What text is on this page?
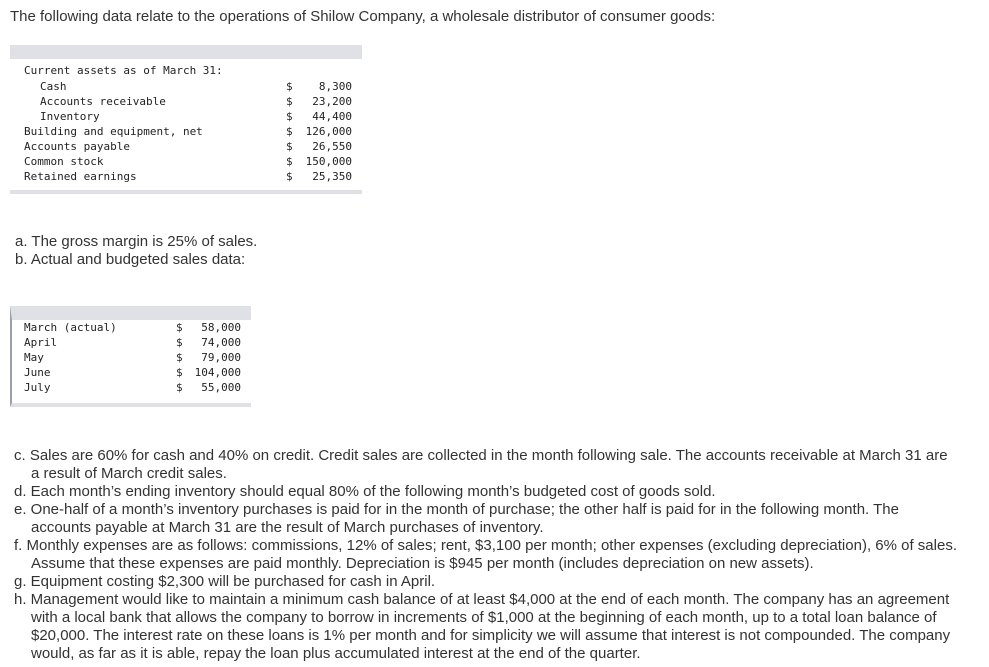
The following data relate to the operations of Shilow Company, a wholesale distributor of consumer goods:
Current assets as of March 31:
Cash	$	8,300
Accounts receivable	$	23,200
Inventory	$	44,400
Building and equipment, net	$	126,000
Accounts payable	$	26,550
Common stock	$	150,000
Retained earnings	$	25,350
a. The gross margin is 25% of sales.
b. Actual and budgeted sales data:
March (actual)	$	58,000
April	$	74,000
May	$	79,000
June	$	104,000
July	$	55,000

c. Sales are 60% for cash and 40% on credit. Credit sales are collected in the month following sale. The accounts receivable at March 31 are a result of March credit sales.

d. Each month’s ending inventory should equal 80% of the following month’s budgeted cost of goods sold.

e. One-half of a month’s inventory purchases is paid for in the month of purchase; the other half is paid for in the following month. The accounts payable at March 31 are the result of March purchases of inventory.

f. Monthly expenses are as follows: commissions, 12% of sales; rent, $3,100 per month; other expenses (excluding depreciation), 6% of sales. Assume that these expenses are paid monthly. Depreciation is $945 per month (includes depreciation on new assets).

g. Equipment costing $2,300 will be purchased for cash in April.

h. Management would like to maintain a minimum cash balance of at least $4,000 at the end of each month. The company has an agreement with a local bank that allows the company to borrow in increments of $1,000 at the beginning of each month, up to a total loan balance of $20,000. The interest rate on these loans is 1% per month and for simplicity we will assume that interest is not compounded. The company would, as far as it is able, repay the loan plus accumulated interest at the end of the quarter.
